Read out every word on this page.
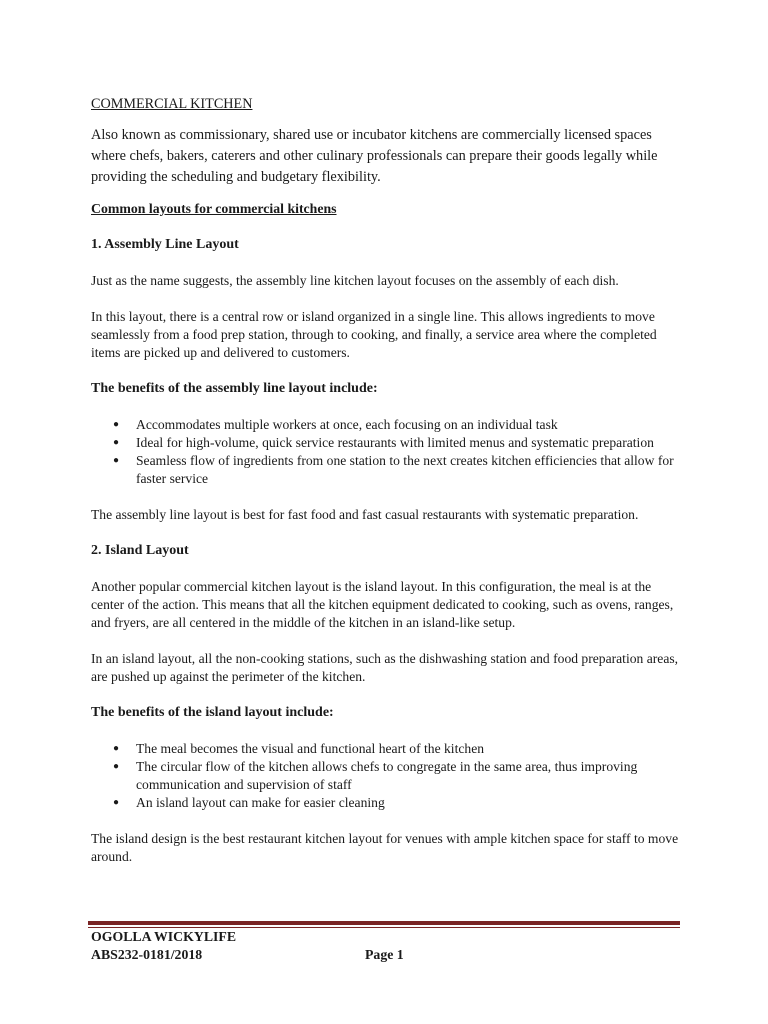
COMMERCIAL KITCHEN

Also known as commissionary, shared use or incubator kitchens are commercially licensed spaces where chefs, bakers, caterers and other culinary professionals can prepare their goods legally while providing the scheduling and budgetary flexibility.

Common layouts for commercial kitchens

1. Assembly Line Layout

Just as the name suggests, the assembly line kitchen layout focuses on the assembly of each dish.

In this layout, there is a central row or island organized in a single line. This allows ingredients to move seamlessly from a food prep station, through to cooking, and finally, a service area where the completed items are picked up and delivered to customers.

The benefits of the assembly line layout include:

● Accommodates multiple workers at once, each focusing on an individual task
● Ideal for high-volume, quick service restaurants with limited menus and systematic preparation
● Seamless flow of ingredients from one station to the next creates kitchen efficiencies that allow for faster service

The assembly line layout is best for fast food and fast casual restaurants with systematic preparation.

2. Island Layout

Another popular commercial kitchen layout is the island layout. In this configuration, the meal is at the center of the action. This means that all the kitchen equipment dedicated to cooking, such as ovens, ranges, and fryers, are all centered in the middle of the kitchen in an island-like setup.

In an island layout, all the non-cooking stations, such as the dishwashing station and food preparation areas, are pushed up against the perimeter of the kitchen.

The benefits of the island layout include:

● The meal becomes the visual and functional heart of the kitchen
● The circular flow of the kitchen allows chefs to congregate in the same area, thus improving communication and supervision of staff
● An island layout can make for easier cleaning

The island design is the best restaurant kitchen layout for venues with ample kitchen space for staff to move around.

OGOLLA WICKYLIFE
ABS232-0181/2018	Page 1
